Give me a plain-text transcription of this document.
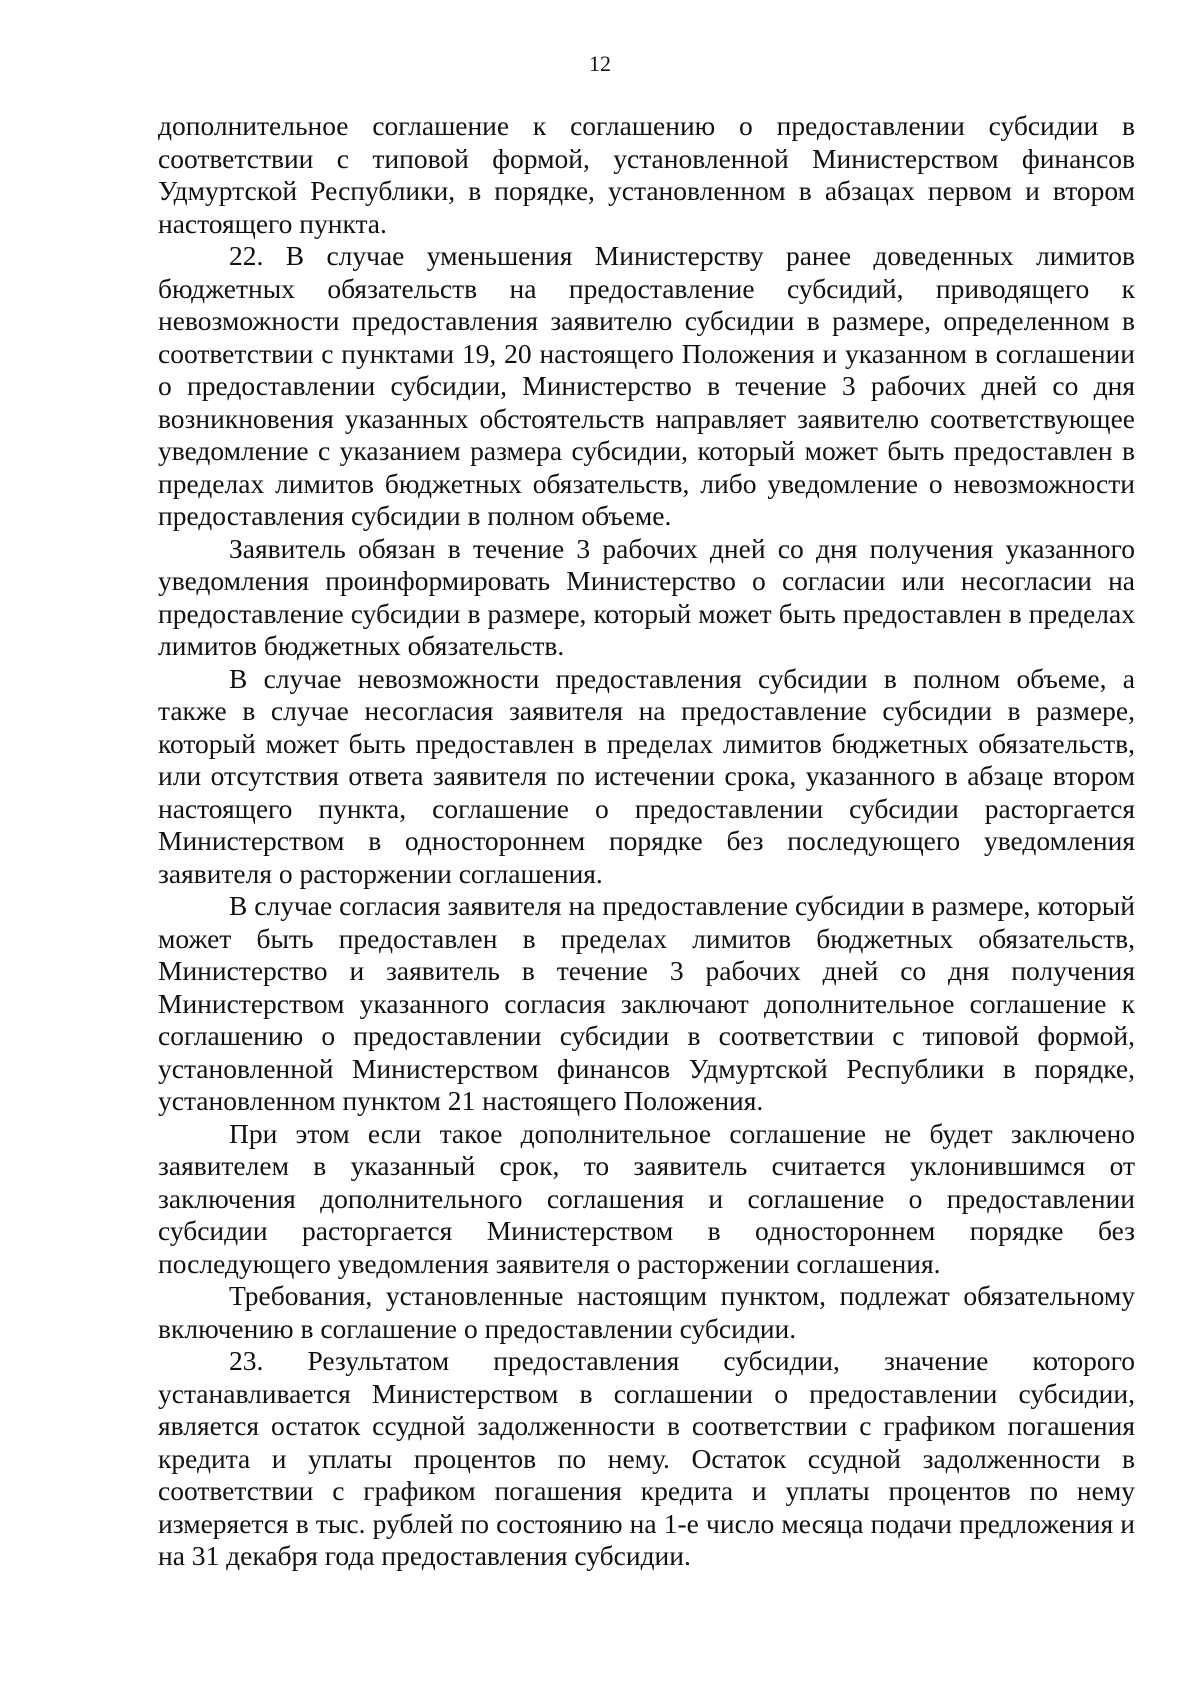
12

дополнительное соглашение к соглашению о предоставлении субсидии в соответствии с типовой формой, установленной Министерством финансов Удмуртской Республики, в порядке, установленном в абзацах первом и втором настоящего пункта.

22. В случае уменьшения Министерству ранее доведенных лимитов бюджетных обязательств на предоставление субсидий, приводящего к невозможности предоставления заявителю субсидии в размере, определенном в соответствии с пунктами 19, 20 настоящего Положения и указанном в соглашении о предоставлении субсидии, Министерство в течение 3 рабочих дней со дня возникновения указанных обстоятельств направляет заявителю соответствующее уведомление с указанием размера субсидии, который может быть предоставлен в пределах лимитов бюджетных обязательств, либо уведомление о невозможности предоставления субсидии в полном объеме.

Заявитель обязан в течение 3 рабочих дней со дня получения указанного уведомления проинформировать Министерство о согласии или несогласии на предоставление субсидии в размере, который может быть предоставлен в пределах лимитов бюджетных обязательств.

В случае невозможности предоставления субсидии в полном объеме, а также в случае несогласия заявителя на предоставление субсидии в размере, который может быть предоставлен в пределах лимитов бюджетных обязательств, или отсутствия ответа заявителя по истечении срока, указанного в абзаце втором настоящего пункта, соглашение о предоставлении субсидии расторгается Министерством в одностороннем порядке без последующего уведомления заявителя о расторжении соглашения.

В случае согласия заявителя на предоставление субсидии в размере, который может быть предоставлен в пределах лимитов бюджетных обязательств, Министерство и заявитель в течение 3 рабочих дней со дня получения Министерством указанного согласия заключают дополнительное соглашение к соглашению о предоставлении субсидии в соответствии с типовой формой, установленной Министерством финансов Удмуртской Республики в порядке, установленном пунктом 21 настоящего Положения.

При этом если такое дополнительное соглашение не будет заключено заявителем в указанный срок, то заявитель считается уклонившимся от заключения дополнительного соглашения и соглашение о предоставлении субсидии расторгается Министерством в одностороннем порядке без последующего уведомления заявителя о расторжении соглашения.

Требования, установленные настоящим пунктом, подлежат обязательному включению в соглашение о предоставлении субсидии.

23. Результатом предоставления субсидии, значение которого устанавливается Министерством в соглашении о предоставлении субсидии, является остаток ссудной задолженности в соответствии с графиком погашения кредита и уплаты процентов по нему. Остаток ссудной задолженности в соответствии с графиком погашения кредита и уплаты процентов по нему измеряется в тыс. рублей по состоянию на 1-е число месяца подачи предложения и на 31 декабря года предоставления субсидии.
